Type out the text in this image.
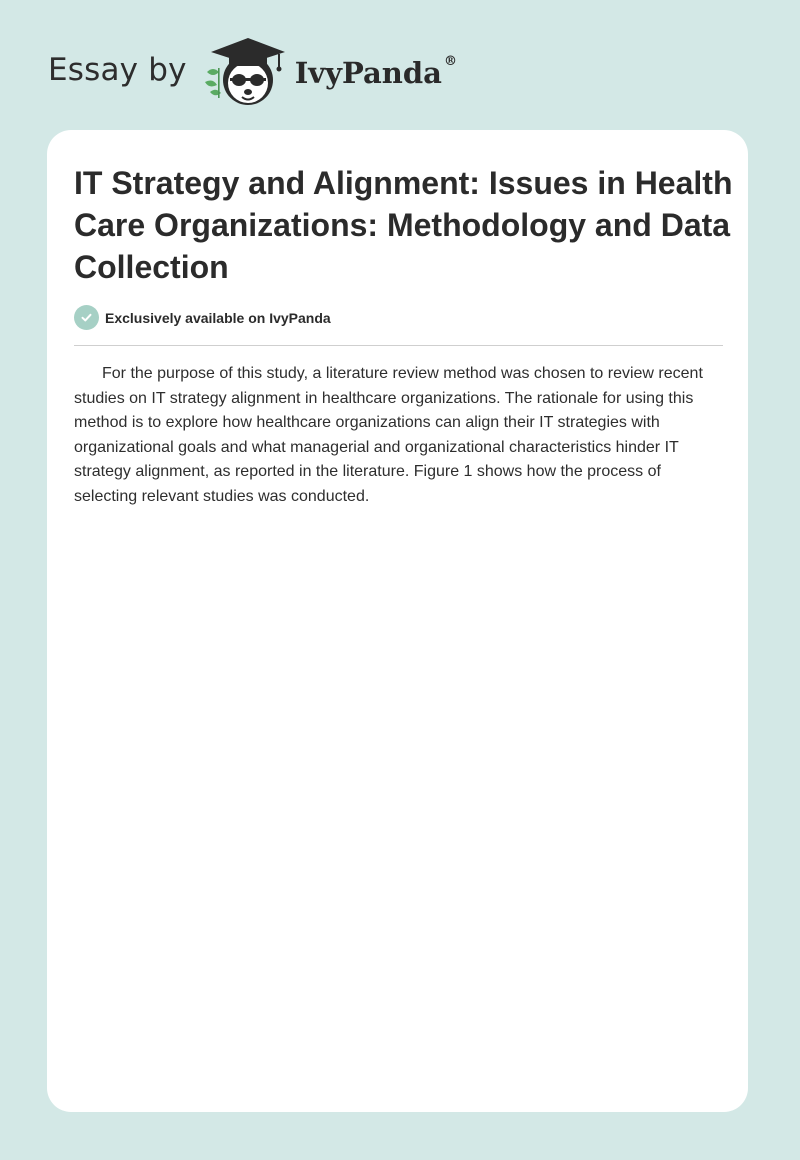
Essay by	IvyPanda ®
IT Strategy and Alignment: Issues in Health Care Organizations: Methodology and Data Collection
Exclusively available on IvyPanda

For the purpose of this study, a literature review method was chosen to review recent studies on IT strategy alignment in healthcare organizations. The rationale for using this method is to explore how healthcare organizations can align their IT strategies with organizational goals and what managerial and organizational characteristics hinder IT strategy alignment, as reported in the literature. Figure 1 shows how the process of selecting relevant studies was conducted.
